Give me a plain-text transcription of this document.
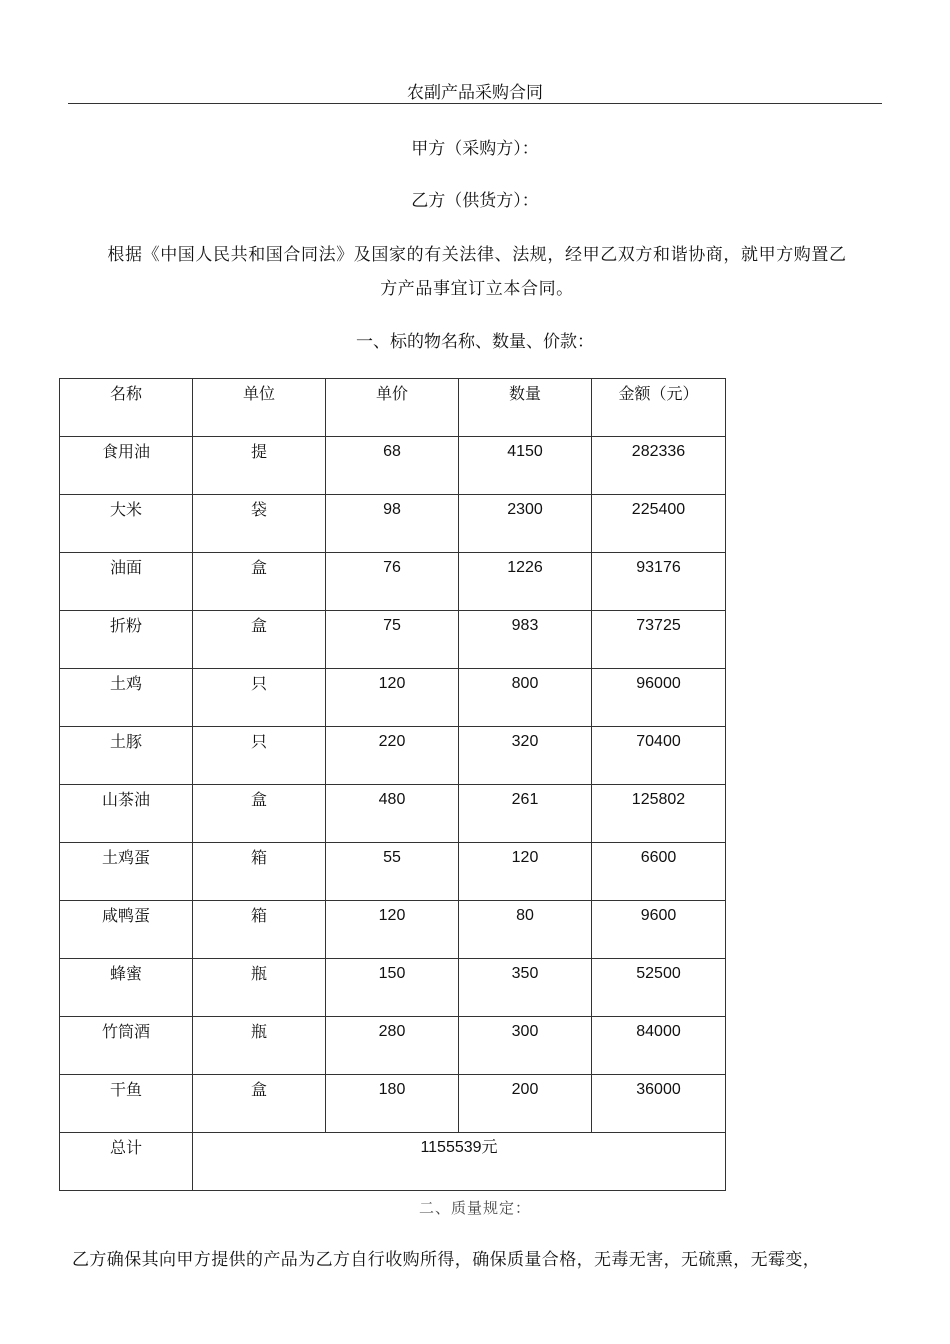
农副产品采购合同
甲方（采购方）：
乙方（供货方）：
根据《中国人民共和国合同法》及国家的有关法律、法规，经甲乙双方和谐协商，就甲方购置乙
方产品事宜订立本合同。
一、标的物名称、数量、价款：
名称	单位	单价	数量	金额（元）

食用油	提	68	4150	282336

大米	袋	98	2300	225400

油面	盒	76	1226	93176

折粉	盒	75	983	73725

土鸡	只	120	800	96000

土豚	只	220	320	70400

山茶油	盒	480	261	125802

土鸡蛋	箱	55	120	6600

咸鸭蛋	箱	120	80	9600

蜂蜜	瓶	150	350	52500

竹筒酒	瓶	280	300	84000

干鱼	盒	180	200	36000

总计	1155539元			
二、质量规定：
乙方确保其向甲方提供的产品为乙方自行收购所得，确保质量合格，无毒无害，无硫熏，无霉变，
